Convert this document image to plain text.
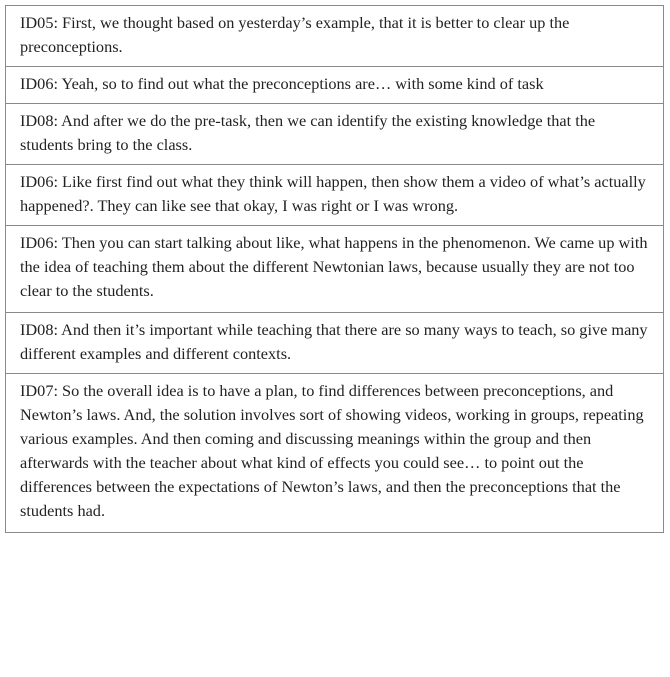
ID05: First, we thought based on yesterday’s example, that it is better to clear up the preconceptions.
ID06: Yeah, so to find out what the preconceptions are… with some kind of task
ID08: And after we do the pre-task, then we can identify the existing knowledge that the students bring to the class.
ID06: Like first find out what they think will happen, then show them a video of what’s actually happened?. They can like see that okay, I was right or I was wrong.
ID06: Then you can start talking about like, what happens in the phenomenon. We came up with the idea of teaching them about the different Newtonian laws, because usually they are not too clear to the students.
ID08: And then it’s important while teaching that there are so many ways to teach, so give many different examples and different contexts.
ID07: So the overall idea is to have a plan, to find differences between preconceptions, and Newton’s laws. And, the solution involves sort of showing videos, working in groups, repeating various examples. And then coming and discussing meanings within the group and then afterwards with the teacher about what kind of effects you could see… to point out the differences between the expectations of Newton’s laws, and then the preconceptions that the students had.
